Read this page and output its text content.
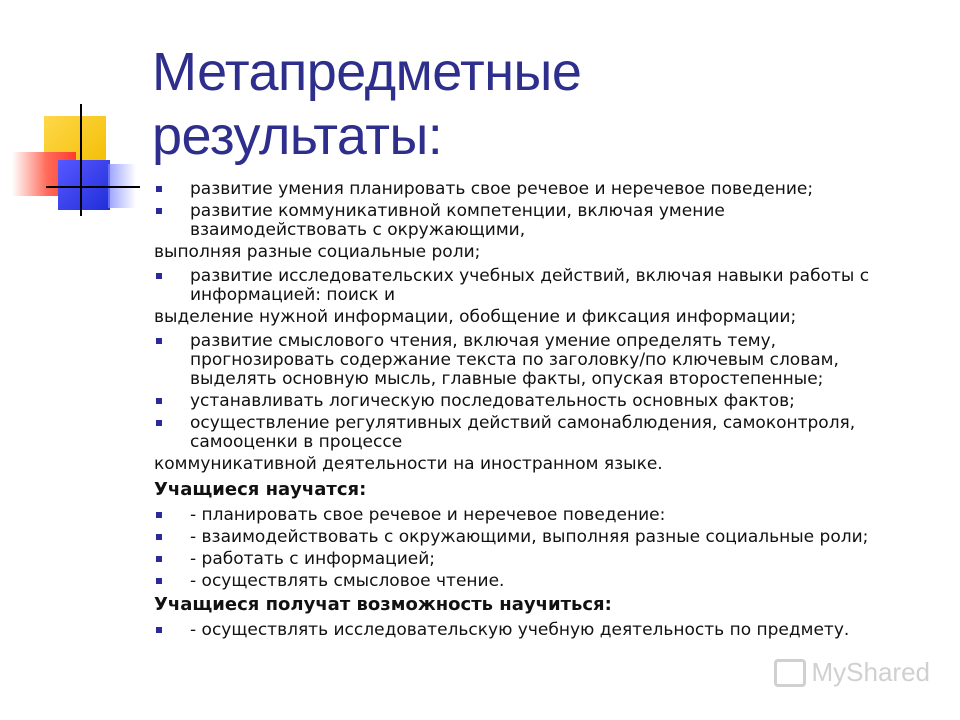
Метапредметные
результаты:
развитие умения планировать свое речевое и неречевое поведение;
развитие коммуникативной компетенции, включая умение
взаимодействовать с окружающими,
выполняя разные социальные роли;
развитие исследовательских учебных действий, включая навыки работы с
информацией: поиск и
выделение нужной информации, обобщение и фиксация информации;
развитие смыслового чтения, включая умение определять тему,
прогнозировать содержание текста по заголовку/по ключевым словам,
выделять основную мысль, главные факты, опуская второстепенные;
устанавливать логическую последовательность основных фактов;
осуществление регулятивных действий самонаблюдения, самоконтроля,
самооценки в процессе
коммуникативной деятельности на иностранном языке.
Учащиеся научатся:
- планировать свое речевое и неречевое поведение:
- взаимодействовать с окружающими, выполняя разные социальные роли;
- работать с информацией;
- осуществлять смысловое чтение.
Учащиеся получат возможность научиться:
- осуществлять исследовательскую учебную деятельность по предмету.
MyShared
